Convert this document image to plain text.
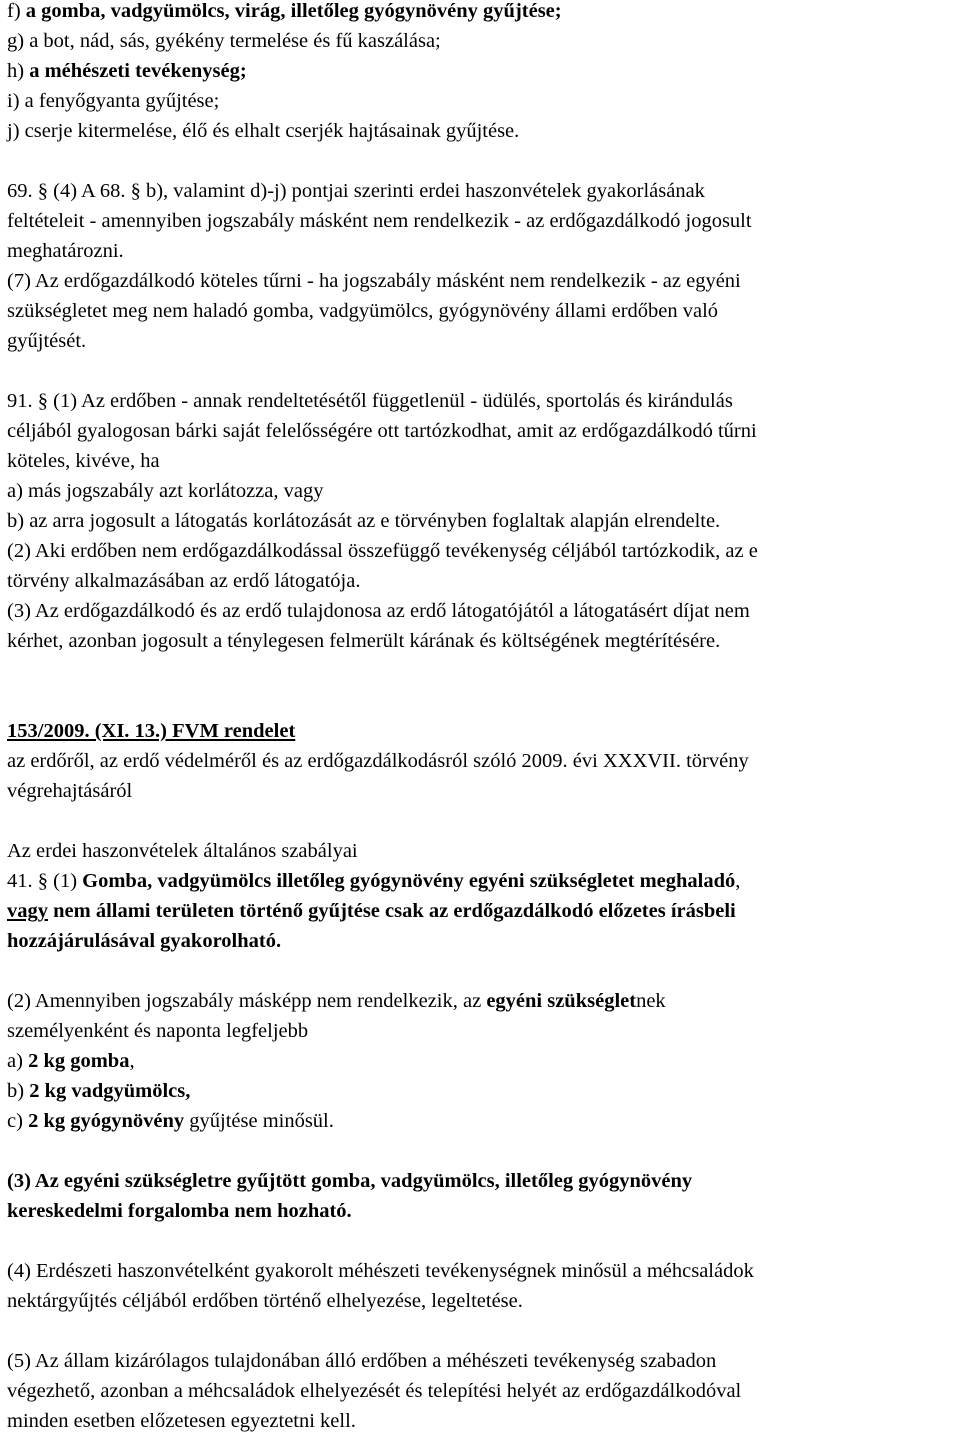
f) a gomba, vadgyümölcs, virág, illetőleg gyógynövény gyűjtése;
g) a bot, nád, sás, gyékény termelése és fű kaszálása;
h) a méhészeti tevékenység;
i) a fenyőgyanta gyűjtése;
j) cserje kitermelése, élő és elhalt cserjék hajtásainak gyűjtése.
69. § (4) A 68. § b), valamint d)-j) pontjai szerinti erdei haszonvételek gyakorlásának
feltételeit - amennyiben jogszabály másként nem rendelkezik - az erdőgazdálkodó jogosult
meghatározni.
(7) Az erdőgazdálkodó köteles tűrni - ha jogszabály másként nem rendelkezik - az egyéni
szükségletet meg nem haladó gomba, vadgyümölcs, gyógynövény állami erdőben való
gyűjtését.
91. § (1) Az erdőben - annak rendeltetésétől függetlenül - üdülés, sportolás és kirándulás
céljából gyalogosan bárki saját felelősségére ott tartózkodhat, amit az erdőgazdálkodó tűrni
köteles, kivéve, ha
a) más jogszabály azt korlátozza, vagy
b) az arra jogosult a látogatás korlátozását az e törvényben foglaltak alapján elrendelte.
(2) Aki erdőben nem erdőgazdálkodással összefüggő tevékenység céljából tartózkodik, az e
törvény alkalmazásában az erdő látogatója.
(3) Az erdőgazdálkodó és az erdő tulajdonosa az erdő látogatójától a látogatásért díjat nem
kérhet, azonban jogosult a ténylegesen felmerült kárának és költségének megtérítésére.
153/2009. (XI. 13.) FVM rendelet
az erdőről, az erdő védelméről és az erdőgazdálkodásról szóló 2009. évi XXXVII. törvény
végrehajtásáról
Az erdei haszonvételek általános szabályai
41. § (1) Gomba, vadgyümölcs illetőleg gyógynövény egyéni szükségletet meghaladó,
vagy nem állami területen történő gyűjtése csak az erdőgazdálkodó előzetes írásbeli
hozzájárulásával gyakorolható.
(2) Amennyiben jogszabály másképp nem rendelkezik, az egyéni szükségletnek
személyenként és naponta legfeljebb
a) 2 kg gomba,
b) 2 kg vadgyümölcs,
c) 2 kg gyógynövény gyűjtése minősül.
(3) Az egyéni szükségletre gyűjtött gomba, vadgyümölcs, illetőleg gyógynövény
kereskedelmi forgalomba nem hozható.
(4) Erdészeti haszonvételként gyakorolt méhészeti tevékenységnek minősül a méhcsaládok
nektárgyűjtés céljából erdőben történő elhelyezése, legeltetése.
(5) Az állam kizárólagos tulajdonában álló erdőben a méhészeti tevékenység szabadon
végezhető, azonban a méhcsaládok elhelyezését és telepítési helyét az erdőgazdálkodóval
minden esetben előzetesen egyeztetni kell.
